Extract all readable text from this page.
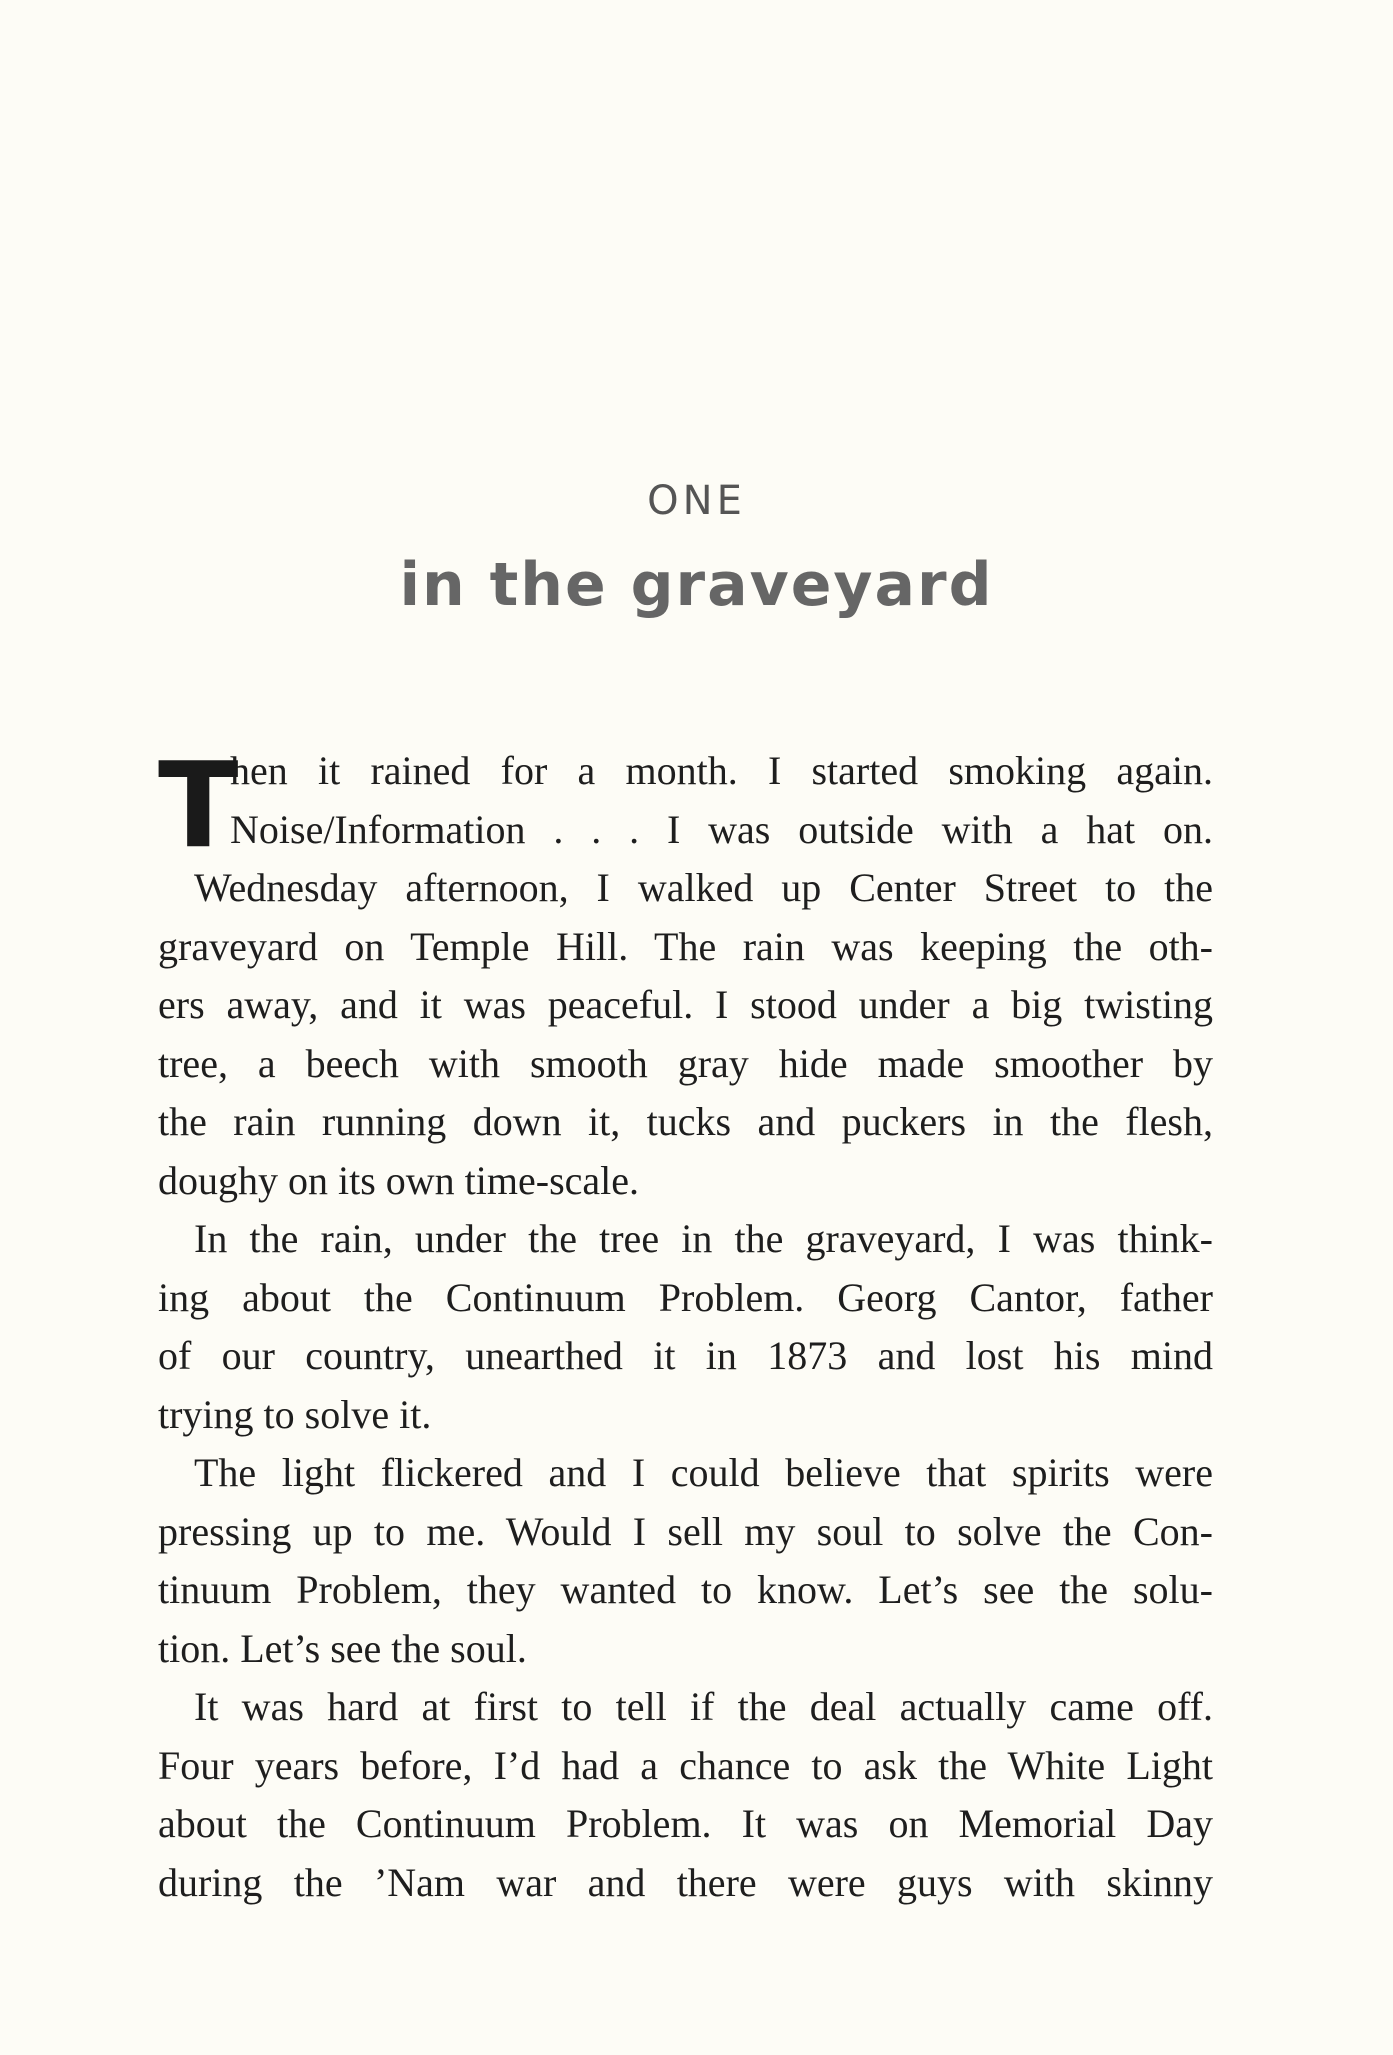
ONE
in the graveyard
T
hen it rained for a month. I started smoking again.
Noise/Information . . . I was outside with a hat on.
Wednesday afternoon, I walked up Center Street to the
graveyard on Temple Hill. The rain was keeping the oth-
ers away, and it was peaceful. I stood under a big twisting
tree, a beech with smooth gray hide made smoother by
the rain running down it, tucks and puckers in the flesh,
doughy on its own time-scale.
In the rain, under the tree in the graveyard, I was think-
ing about the Continuum Problem. Georg Cantor, father
of our country, unearthed it in 1873 and lost his mind
trying to solve it.
The light flickered and I could believe that spirits were
pressing up to me. Would I sell my soul to solve the Con-
tinuum Problem, they wanted to know. Let’s see the solu-
tion. Let’s see the soul.
It was hard at first to tell if the deal actually came off.
Four years before, I’d had a chance to ask the White Light
about the Continuum Problem. It was on Memorial Day
during the ’Nam war and there were guys with skinny
